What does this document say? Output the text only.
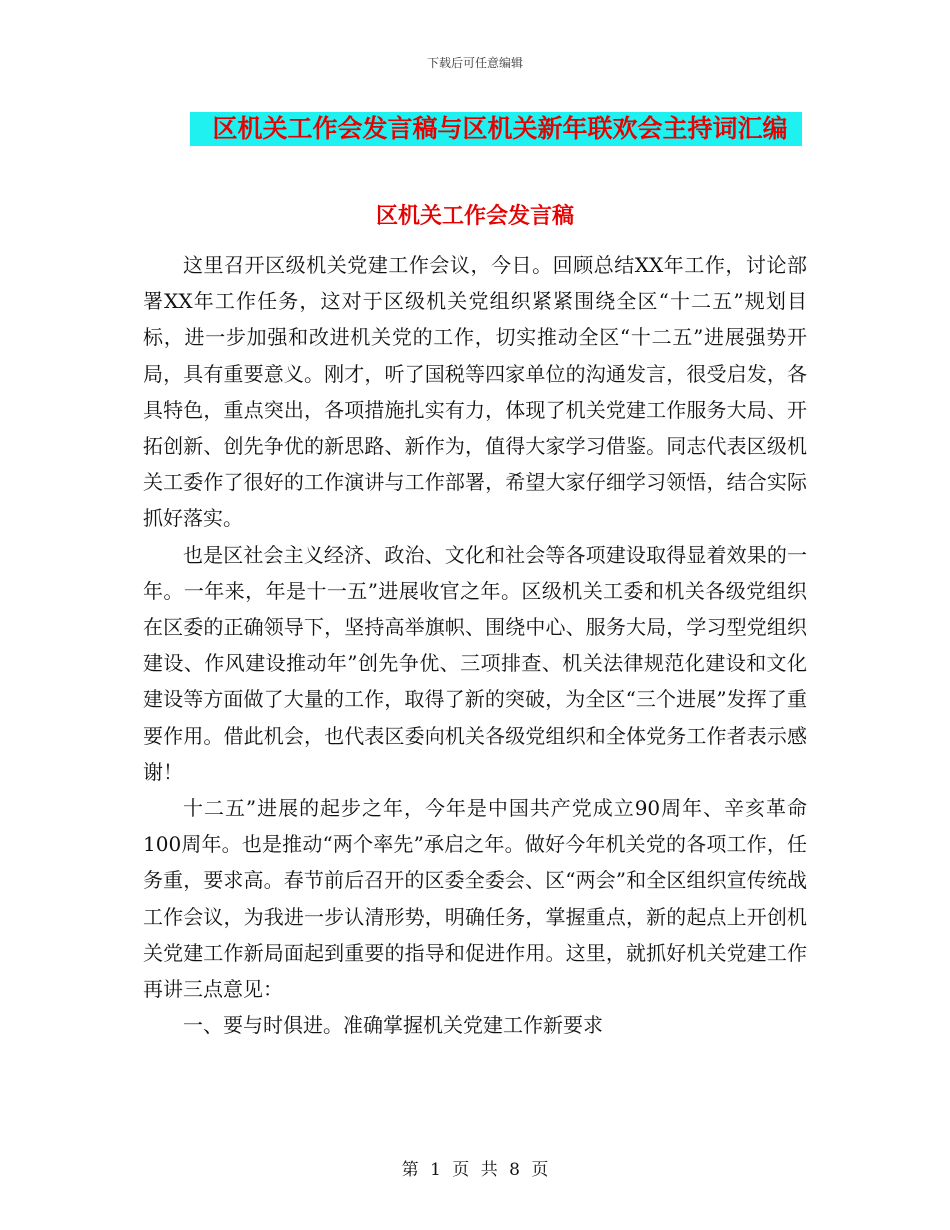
下载后可任意编辑
区机关工作会发言稿与区机关新年联欢会主持词汇编
区机关工作会发言稿

这里召开区级机关党建工作会议，今日。回顾总结XX年工作，讨论部署XX年工作任务，这对于区级机关党组织紧紧围绕全区“十二五”规划目标，进一步加强和改进机关党的工作，切实推动全区“十二五”进展强势开局，具有重要意义。刚才，听了国税等四家单位的沟通发言，很受启发，各具特色，重点突出，各项措施扎实有力，体现了机关党建工作服务大局、开拓创新、创先争优的新思路、新作为，值得大家学习借鉴。同志代表区级机关工委作了很好的工作演讲与工作部署，希望大家仔细学习领悟，结合实际抓好落实。

也是区社会主义经济、政治、文化和社会等各项建设取得显着效果的一年。一年来，年是十一五”进展收官之年。区级机关工委和机关各级党组织在区委的正确领导下，坚持高举旗帜、围绕中心、服务大局，学习型党组织建设、作风建设推动年”创先争优、三项排查、机关法律规范化建设和文化建设等方面做了大量的工作，取得了新的突破，为全区“三个进展”发挥了重要作用。借此机会，也代表区委向机关各级党组织和全体党务工作者表示感谢！

十二五”进展的起步之年，今年是中国共产党成立90周年、辛亥革命100周年。也是推动“两个率先”承启之年。做好今年机关党的各项工作，任务重，要求高。春节前后召开的区委全委会、区“两会”和全区组织宣传统战工作会议，为我进一步认清形势，明确任务，掌握重点，新的起点上开创机关党建工作新局面起到重要的指导和促进作用。这里，就抓好机关党建工作再讲三点意见：

一、要与时俱进。准确掌握机关党建工作新要求

第 1 页 共 8 页
